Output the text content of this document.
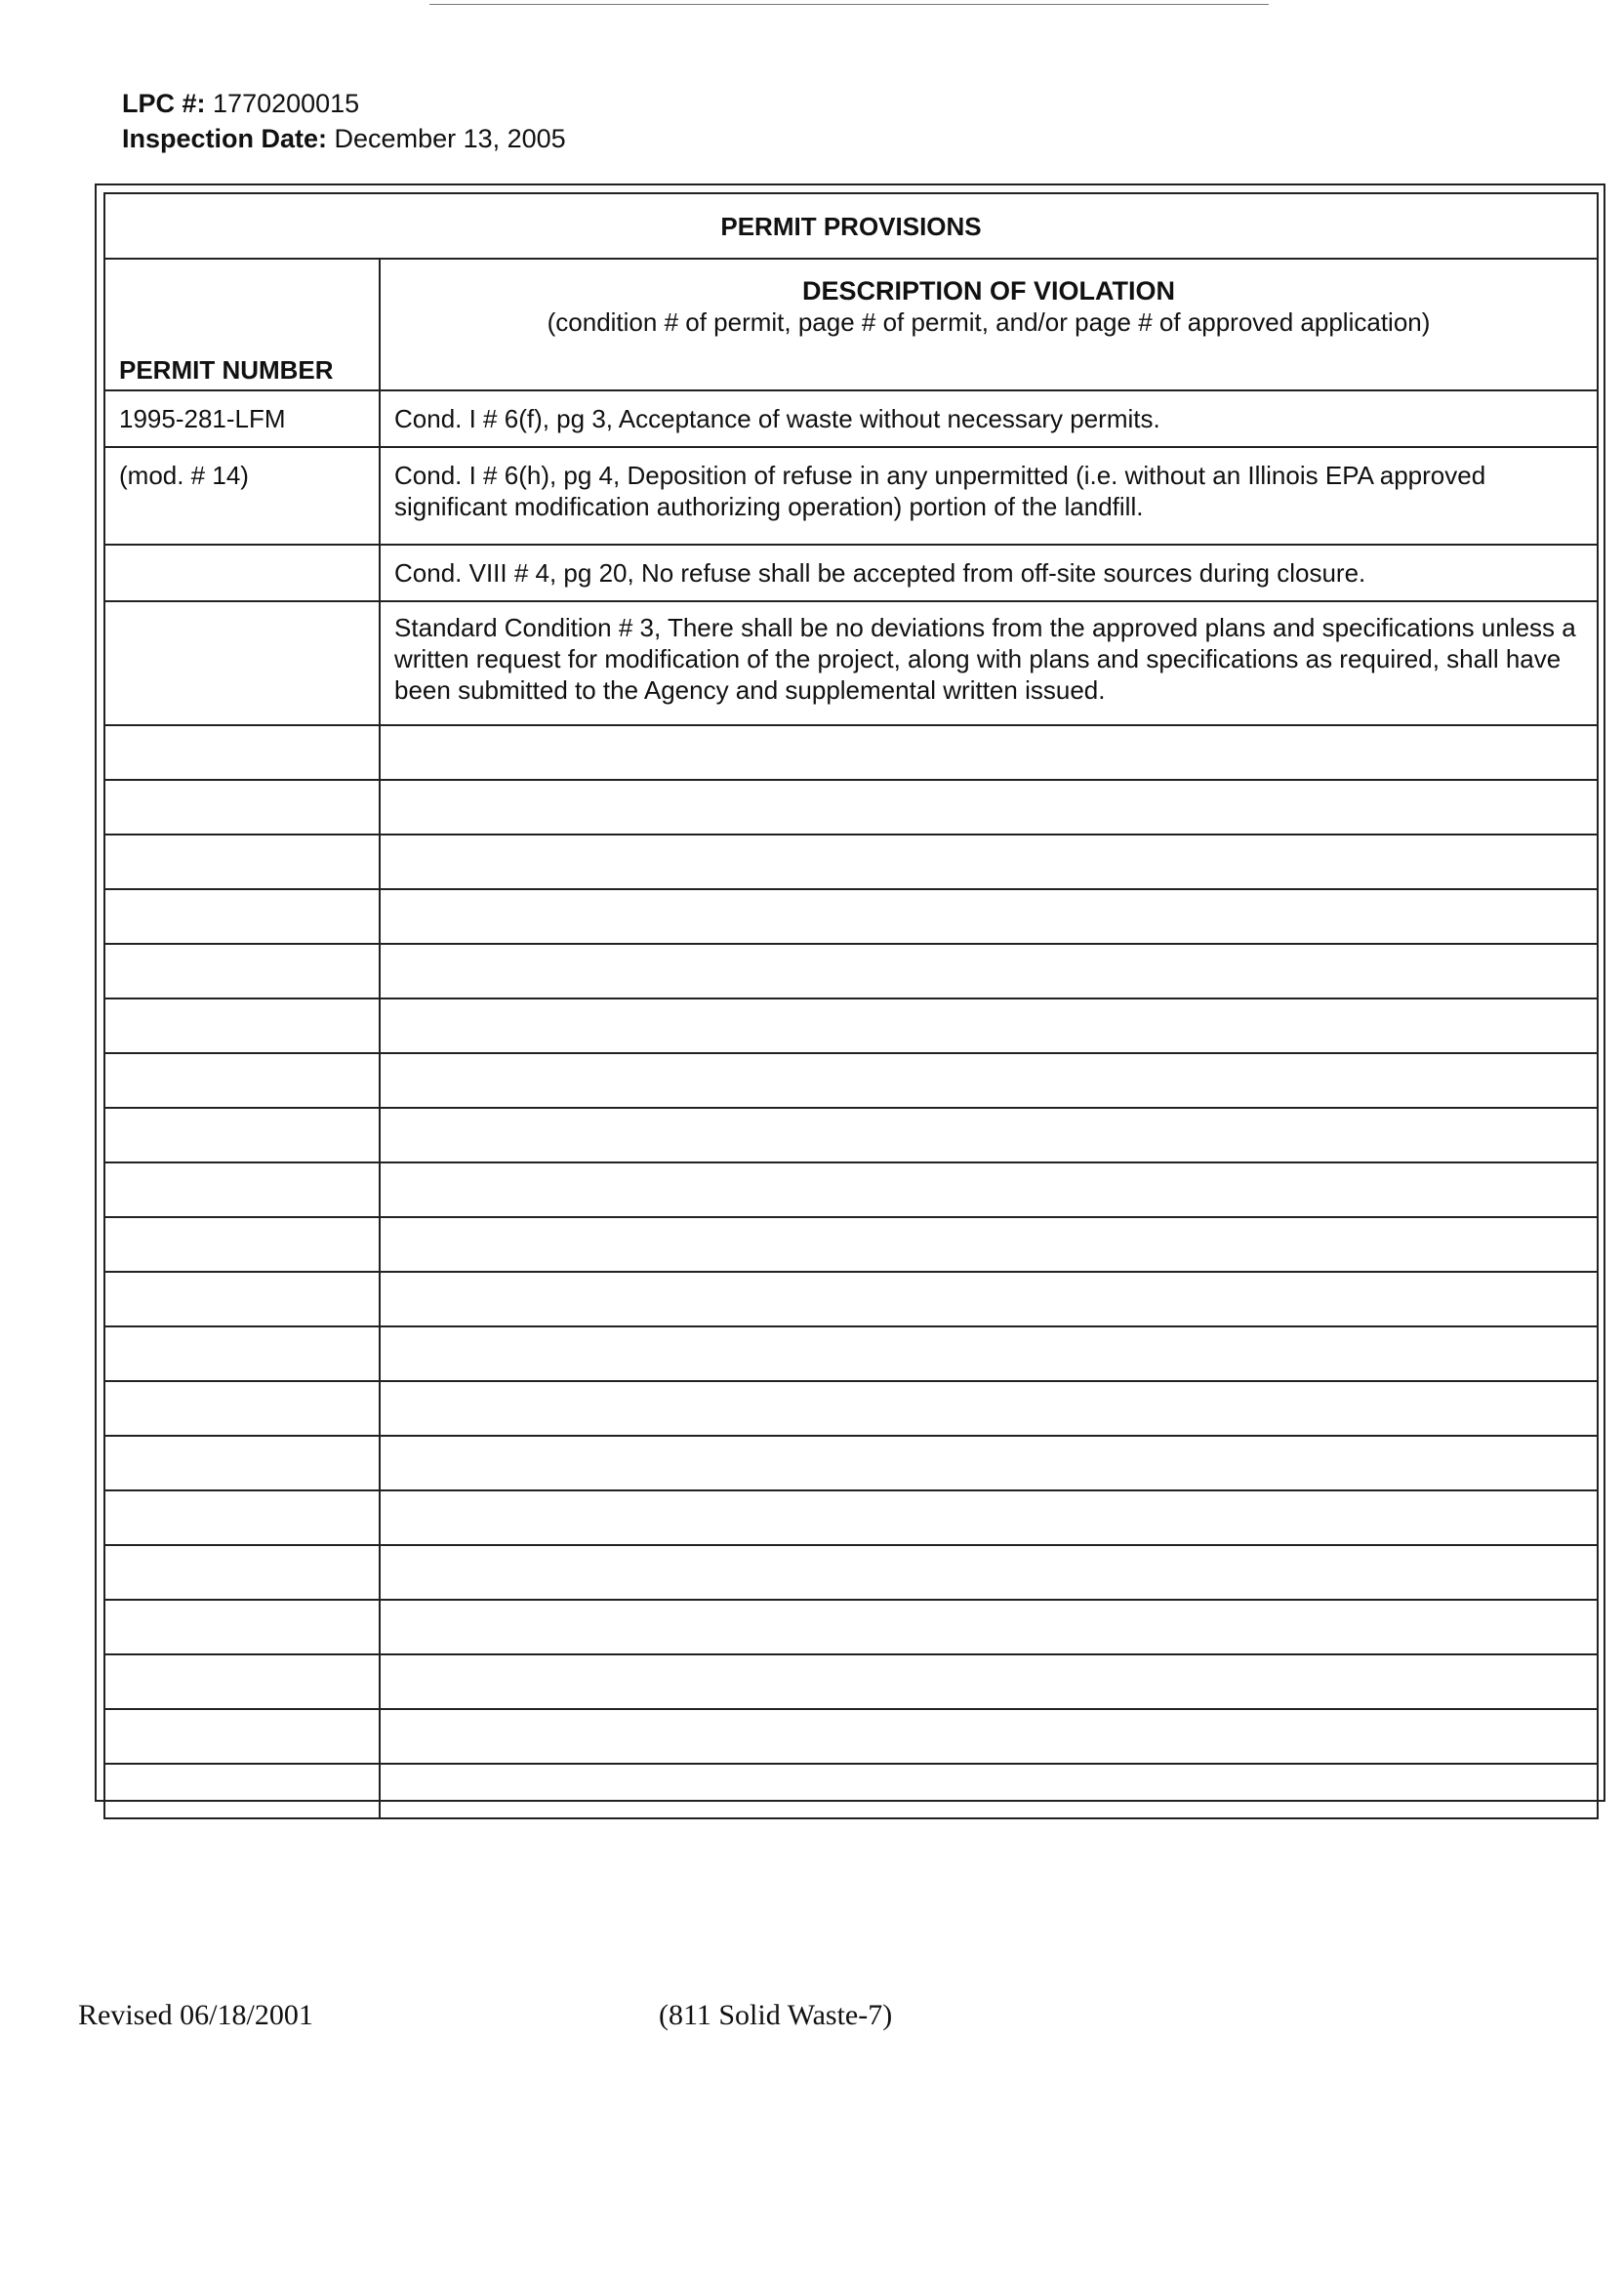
LPC #: 1770200015
Inspection Date: December 13, 2005
PERMIT PROVISIONS	
PERMIT NUMBER	DESCRIPTION OF VIOLATION
(condition # of permit, page # of permit, and/or page # of approved application)

1995-281-LFM	Cond. I # 6(f), pg 3, Acceptance of waste without necessary permits.
(mod. # 14)	Cond. I # 6(h), pg 4, Deposition of refuse in any unpermitted (i.e. without an Illinois EPA approved significant modification authorizing operation) portion of the landfill.
	Cond. VIII # 4, pg 20, No refuse shall be accepted from off-site sources during closure.
	Standard Condition # 3, There shall be no deviations from the approved plans and specifications unless a written request for modification of the project, along with plans and specifications as required, shall have been submitted to the Agency and supplemental written issued.

Revised 06/18/2001	(811 Solid Waste-7)
